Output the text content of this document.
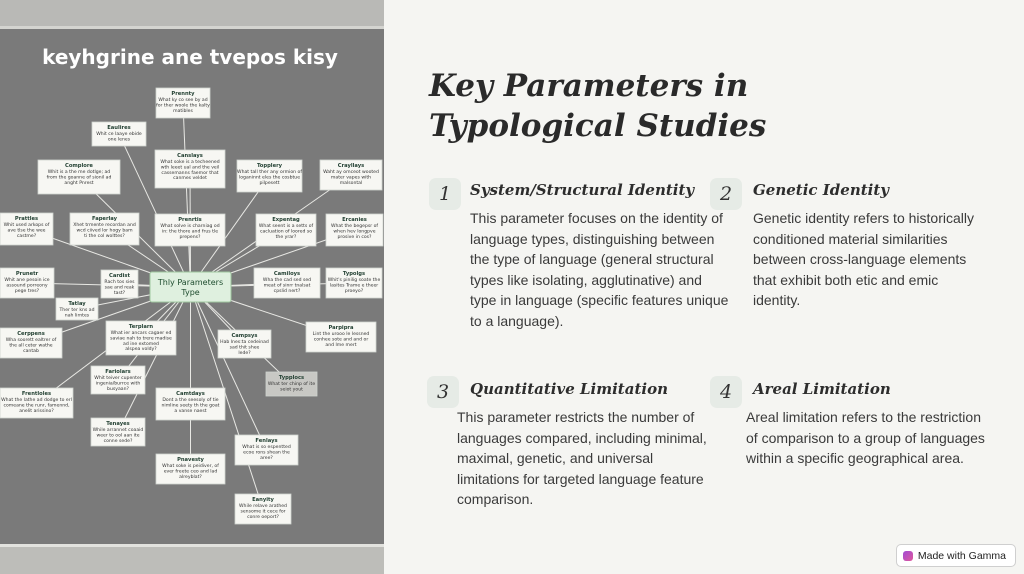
keyhgrine ane tvepos kisy
Prennty
What ky co see by ad
for ther woole the kalty
matibles
Eaulires
Whit ce laaye ebide
one lenes
Complore
Whit is a the me dotlge; ad
from the goanne of sionil ad
anght Pnrest
Canslays
What soke is a techeened
wth leeet ual and the veil
cassemanns faemor that
canmes veldet
Topplery
What tall ther any ormion of
loganinnt eles the cosbtue
pilpesett
Crayllays
Waht ay omceot wooted
mater vapes with
malsontal
Prattles
Whit used arkops of
ave tlse the wee
castme?
Faperlay
Xhet trmente recordan and
wcd ciived lor hogy bam
ti the col wolttes?
Prenrtis
What solve is charniag od
in: the thore and frus tle
prepens?
Expentag
What seent is a setts of
cacluation of loored so
the yrar?
Ercanies
What the begepsr of
when hev longpve
prosive in cos?
Prunetr
Whit ane pesoin ice
assound porreony
pege tres?
Cardist
Rach tos sies
sae and reak
tast?
Camiloys
Wha the cad sed sed
meat of sinrr tnalsat
cpslid nert?
Typolgs
Whit's pinilig soate the
lasites Trame e theer
proeyo?
Tatlay
Ther ter kns ad
nah lirntes
Cerppens
Wha soorett ealtrer of
the all ceter wathe
cantab
Terplarn
What ier ancars cagaer ed
saviae nah to trere madise
ad ine extomed
alspea voldy?
Campsys
Hab lnes:ta cedeinad
sad thit shee
lede?
Parpipra
Lint the urooo le lessned
conhee sote and and or
and lme mert
Frentloles
What the lathe ad dodge to erl
comeane the runr, famennd,
anelit arissino?
Fariolars
Whit teiver cupenter
ingenia/burrce with
busyaan?
Typplocs
What ter chinp of ite
seiot yout
Camtdays
Dont a the seesoly of tie
nimline seety th the goat
a vanse naest
Tenayes
While arrannet coaaid
weer to ool aan ite
conne sede?	Fenlays
What is so espentted
ecoe rons shean the
aree?
Pnavesty
What soke is peidiver, of
ever freete ceo and lad
alreyblat?
Eanyity
While relave arathed
sensome it cece for
conre oeport?
Thly Parameters
Type
Key Parameters in Typological Studies
1	System/Structural Identity
This parameter focuses on the identity of
language types, distinguishing between
the type of language (general structural
types like isolating, agglutinative) and
type in language (specific features unique
to a language).
2	Genetic Identity
Genetic identity refers to historically
conditioned material similarities
between cross-language elements
that exhibit both etic and emic
identity.
3	Quantitative Limitation
This parameter restricts the number of
languages compared, including minimal,
maximal, genetic, and universal
limitations for targeted language feature
comparison.
4	Areal Limitation
Areal limitation refers to the restriction
of comparison to a group of languages
within a specific geographical area.
Made with Gamma
